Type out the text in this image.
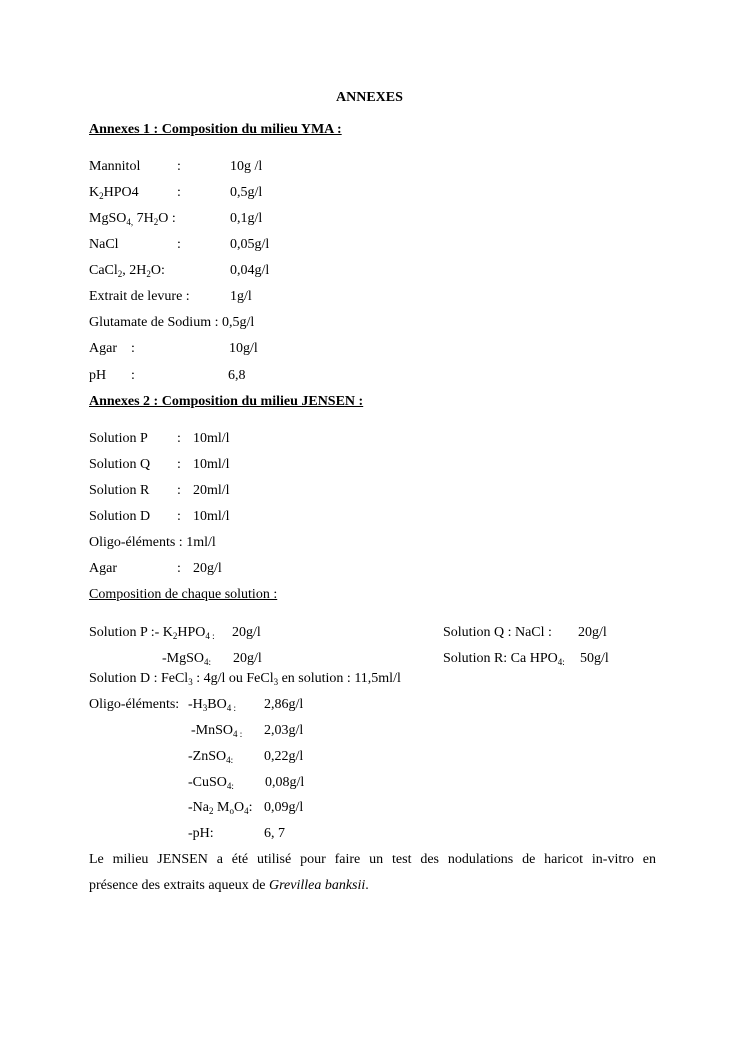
ANNEXES
Annexes 1 : Composition du milieu YMA :
Mannitol	:	10g /l
$K_2HPO4$	:	0,5g/l
MgSO$_{4,}$ $7H_2O$ :	0,1g/l
NaCl	:	0,05g/l
CaCl$_2$, $2H_2O$:	0,04g/l
Extrait de levure :	1g/l
Glutamate de Sodium : 0,5g/l
Agar :	10g/l
pH :	6,8
Annexes 2 : Composition du milieu JENSEN :
Solution P : 10ml/l
Solution Q : 10ml/l
Solution R : 20ml/l
Solution D : 10ml/l
Oligo-éléments : 1ml/l
Agar	: 20g/l
Composition de chaque solution :
Solution P :- $K_2HPO_{4 :}$ 20g/l
-MgSO$_{4:}$ 20g/l
Solution Q : NaCl : 20g/l
Solution R: Ca $HPO_{4:}$ 50g/l
Solution D : FeCl$_3$ : 4g/l ou FeCl$_3$ en solution : 11,5ml/l
Oligo-éléments: $-H_3BO_{4 :}$ 2,86g/l
-MnSO$_{4 :}$ 2,03g/l
-ZnSO$_{4:}$ 0,22g/l
-CuSO$_{4:}$ 0,08g/l
$-Na_2$ $M_oO_4$: 0,09g/l
-pH:	6, 7
Le milieu JENSEN a été utilisé pour faire un test des nodulations de haricot in-vitro en
présence des extraits aqueux de Grevillea banksii.
